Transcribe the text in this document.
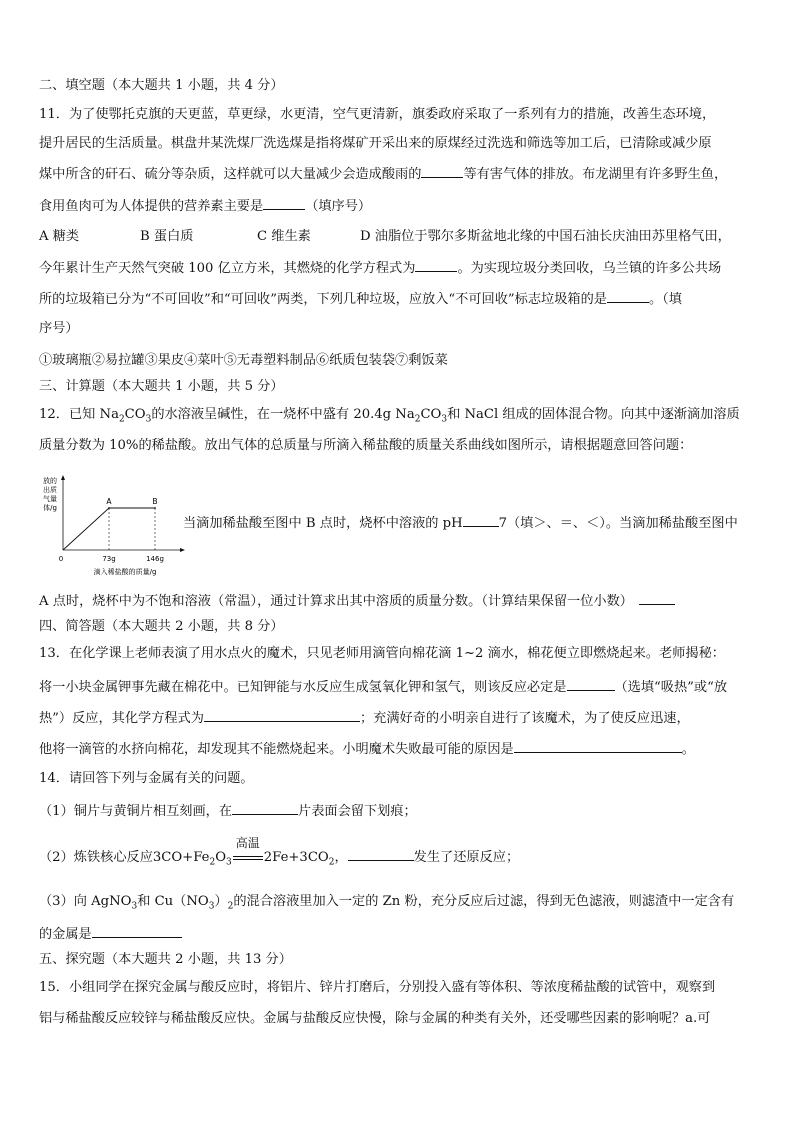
二、填空题（本大题共 1 小题，共 4 分）
11．为了使鄂托克旗的天更蓝，草更绿，水更清，空气更清新，旗委政府采取了一系列有力的措施，改善生态环境，
提升居民的生活质量。棋盘井某洗煤厂洗选煤是指将煤矿开采出来的原煤经过洗选和筛选等加工后，已清除或减少原
煤中所含的矸石、硫分等杂质，这样就可以大量减少会造成酸雨的	等有害气体的排放。布龙湖里有许多野生鱼，
食用鱼肉可为人体提供的营养素主要是	（填序号）
A 糖类	B 蛋白质	C 维生素	D 油脂位于鄂尔多斯盆地北缘的中国石油长庆油田苏里格气田，
今年累计生产天然气突破 100 亿立方米，其燃烧的化学方程式为	。为实现垃圾分类回收，乌兰镇的许多公共场
所的垃圾箱已分为“不可回收”和“可回收”两类，下列几种垃圾，应放入“不可回收”标志垃圾箱的是	。（填
序号）
①玻璃瓶②易拉罐③果皮④菜叶⑤无毒塑料制品⑥纸质包装袋⑦剩饭菜
三、计算题（本大题共 1 小题，共 5 分）
12．已知 $Na_2CO_3$的水溶液呈碱性，在一烧杯中盛有 20.4g $Na_2CO_3$和 NaCl 组成的固体混合物。向其中逐渐滴加溶质
质量分数为 10%的稀盐酸。放出气体的总质量与所滴入稀盐酸的质量关系曲线如图所示，请根据题意回答问题：
放的
出质
气量
体/g
0
A	B
73g	146g
滴入稀盐酸的质量/g
当滴加稀盐酸至图中 B 点时，烧杯中溶液的 pH	7（填＞、＝、＜）。当滴加稀盐酸至图中
A 点时，烧杯中为不饱和溶液（常温），通过计算求出其中溶质的质量分数。（计算结果保留一位小数）
四、简答题（本大题共 2 小题，共 8 分）
13．在化学课上老师表演了用水点火的魔术，只见老师用滴管向棉花滴 1~2 滴水，棉花便立即燃烧起来。老师揭秘：
将一小块金属钾事先藏在棉花中。已知钾能与水反应生成氢氧化钾和氢气，则该反应必定是	（选填“吸热”或“放
热”）反应，其化学方程式为	；充满好奇的小明亲自进行了该魔术，为了使反应迅速，
他将一滴管的水挤向棉花，却发现其不能燃烧起来。小明魔术失败最可能的原因是	。
14．请回答下列与金属有关的问题。
（1）铜片与黄铜片相互刻画，在	片表面会留下划痕；
（2）炼铁核心反应$3CO+Fe_2O_3$
高温
$2Fe+3CO_2$，	发生了还原反应；
（3）向 AgNO$_3$和 $Cu(NO_3)_2$的混合溶液里加入一定的 Zn 粉，充分反应后过滤，得到无色滤液，则滤渣中一定含有
的金属是
五、探究题（本大题共 2 小题，共 13 分）
15．小组同学在探究金属与酸反应时，将铝片、锌片打磨后，分别投入盛有等体积、等浓度稀盐酸的试管中，观察到
铝与稀盐酸反应较锌与稀盐酸反应快。金属与盐酸反应快慢，除与金属的种类有关外，还受哪些因素的影响呢？a.可
